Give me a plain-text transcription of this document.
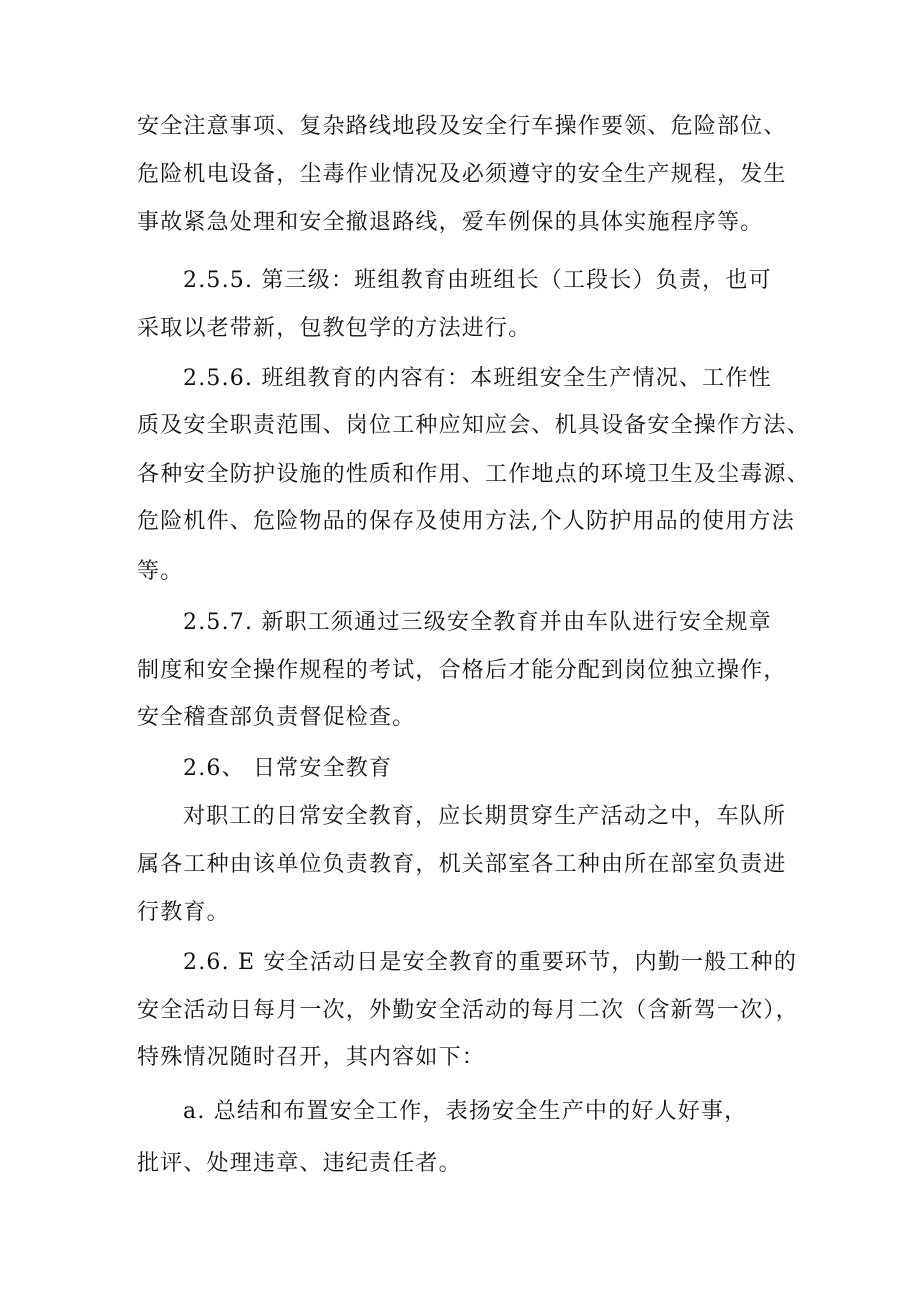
安全注意事项、复杂路线地段及安全行车操作要领、危险部位、
危险机电设备，尘毒作业情况及必须遵守的安全生产规程，发生
事故紧急处理和安全撤退路线，爱车例保的具体实施程序等。
2.5.5. 第三级：班组教育由班组长（工段长）负责，也可
采取以老带新，包教包学的方法进行。
2.5.6. 班组教育的内容有：本班组安全生产情况、工作性
质及安全职责范围、岗位工种应知应会、机具设备安全操作方法、
各种安全防护设施的性质和作用、工作地点的环境卫生及尘毒源、
危险机件、危险物品的保存及使用方法,个人防护用品的使用方法
等。
2.5.7. 新职工须通过三级安全教育并由车队进行安全规章
制度和安全操作规程的考试，合格后才能分配到岗位独立操作，
安全稽查部负责督促检查。
2.6、 日常安全教育
对职工的日常安全教育，应长期贯穿生产活动之中，车队所
属各工种由该单位负责教育，机关部室各工种由所在部室负责进
行教育。
2.6. E 安全活动日是安全教育的重要环节，内勤一般工种的
安全活动日每月一次，外勤安全活动的每月二次（含新驾一次），
特殊情况随时召开，其内容如下：
a. 总结和布置安全工作，表扬安全生产中的好人好事，
批评、处理违章、违纪责任者。
